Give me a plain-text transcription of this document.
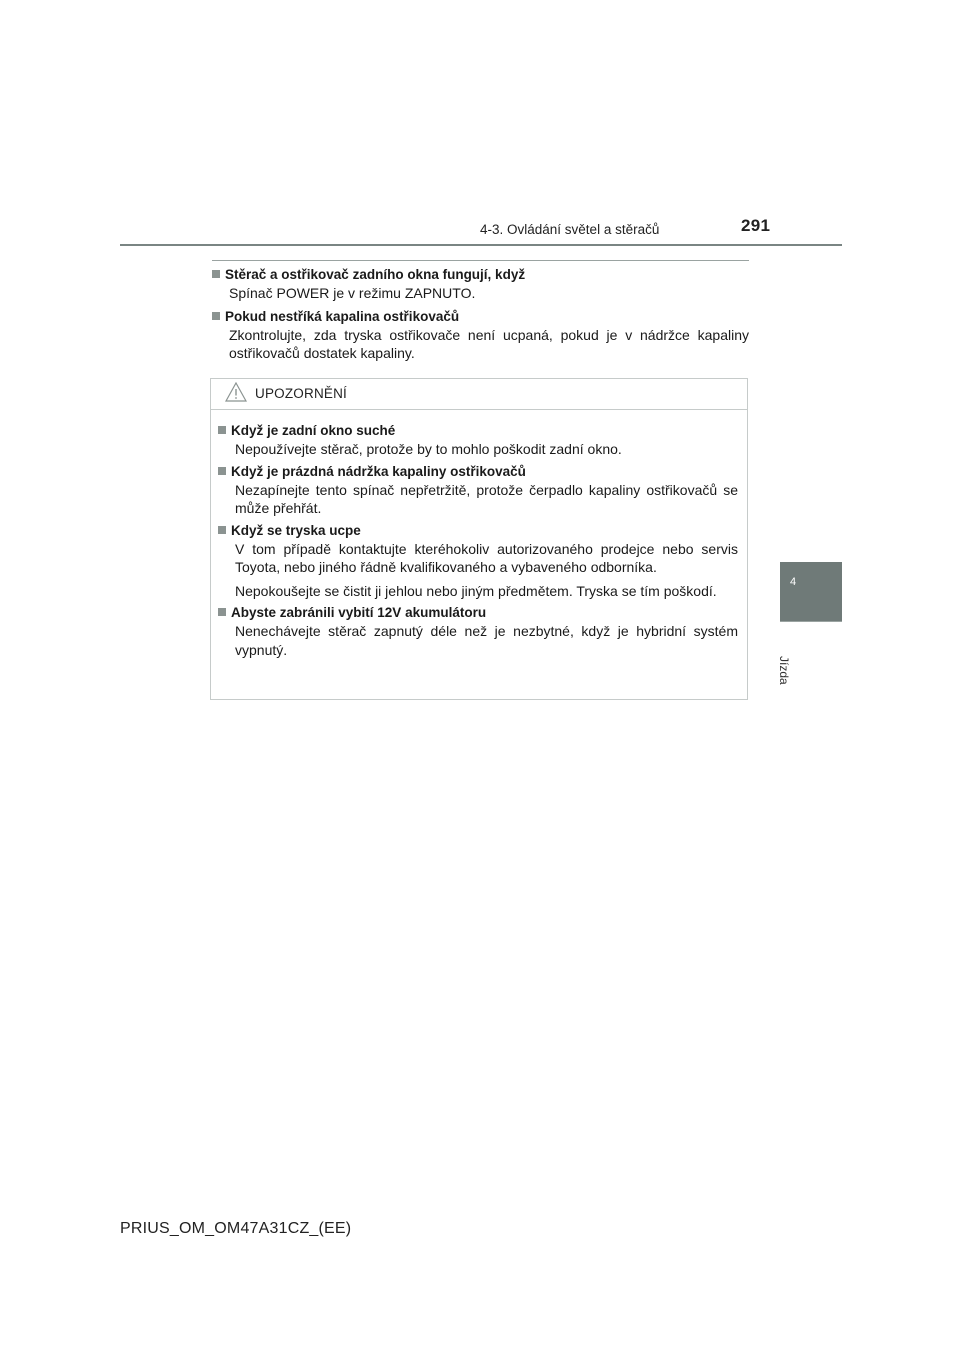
4-3. Ovládání světel a stěračů	291
4
Jízda
Stěrač a ostřikovač zadního okna fungují, když
Spínač POWER je v režimu ZAPNUTO.
Pokud nestříká kapalina ostřikovačů
Zkontrolujte, zda tryska ostřikovače není ucpaná, pokud je v nádržce kapaliny ostřikovačů dostatek kapaliny.
UPOZORNĚNÍ
Když je zadní okno suché
Nepoužívejte stěrač, protože by to mohlo poškodit zadní okno.
Když je prázdná nádržka kapaliny ostřikovačů
Nezapínejte tento spínač nepřetržitě, protože čerpadlo kapaliny ostřikovačů se může přehřát.
Když se tryska ucpe
V tom případě kontaktujte kteréhokoliv autorizovaného prodejce nebo servis Toyota, nebo jiného řádně kvalifikovaného a vybaveného odborníka.
Nepokoušejte se čistit ji jehlou nebo jiným předmětem. Tryska se tím poškodí.
Abyste zabránili vybití 12V akumulátoru
Nenechávejte stěrač zapnutý déle než je nezbytné, když je hybridní systém vypnutý.
PRIUS_OM_OM47A31CZ_(EE)
